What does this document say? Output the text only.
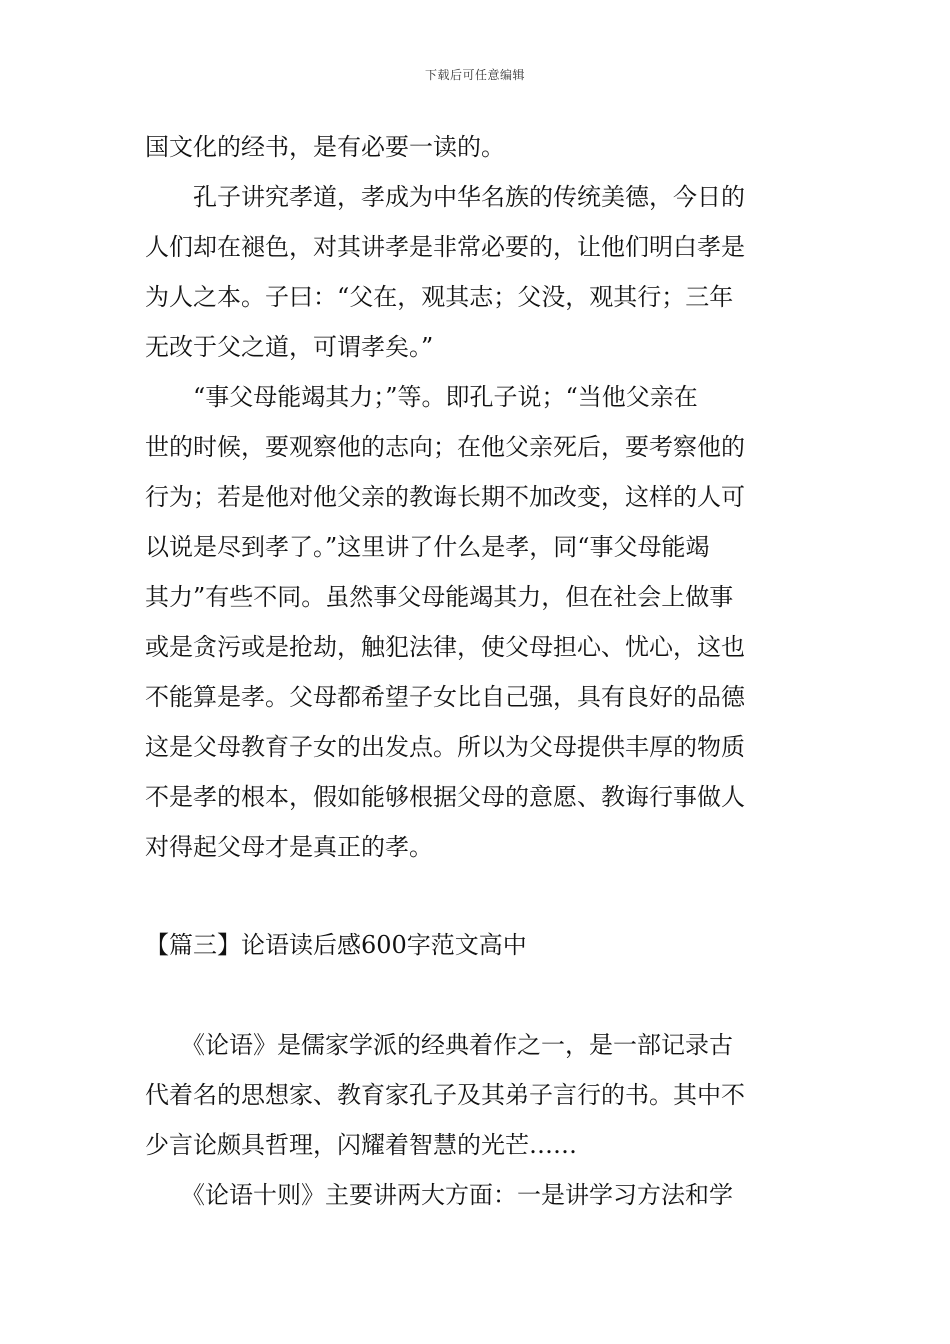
下载后可任意编辑
国文化的经书，是有必要一读的。
　　孔子讲究孝道，孝成为中华名族的传统美德，今日的
人们却在褪色，对其讲孝是非常必要的，让他们明白孝是
为人之本。子曰：“父在，观其志；父没，观其行；三年
无改于父之道，可谓孝矣。”
　　“事父母能竭其力；”等。即孔子说；“当他父亲在
世的时候，要观察他的志向；在他父亲死后，要考察他的
行为；若是他对他父亲的教诲长期不加改变，这样的人可
以说是尽到孝了。”这里讲了什么是孝，同“事父母能竭
其力”有些不同。虽然事父母能竭其力，但在社会上做事
或是贪污或是抢劫，触犯法律，使父母担心、忧心，这也
不能算是孝。父母都希望子女比自己强，具有良好的品德
这是父母教育子女的出发点。所以为父母提供丰厚的物质
不是孝的根本，假如能够根据父母的意愿、教诲行事做人
对得起父母才是真正的孝。
【篇三】论语读后感600字范文高中
　　《论语》是儒家学派的经典着作之一，是一部记录古
代着名的思想家、教育家孔子及其弟子言行的书。其中不
少言论颇具哲理，闪耀着智慧的光芒……
　　《论语十则》主要讲两大方面：一是讲学习方法和学
